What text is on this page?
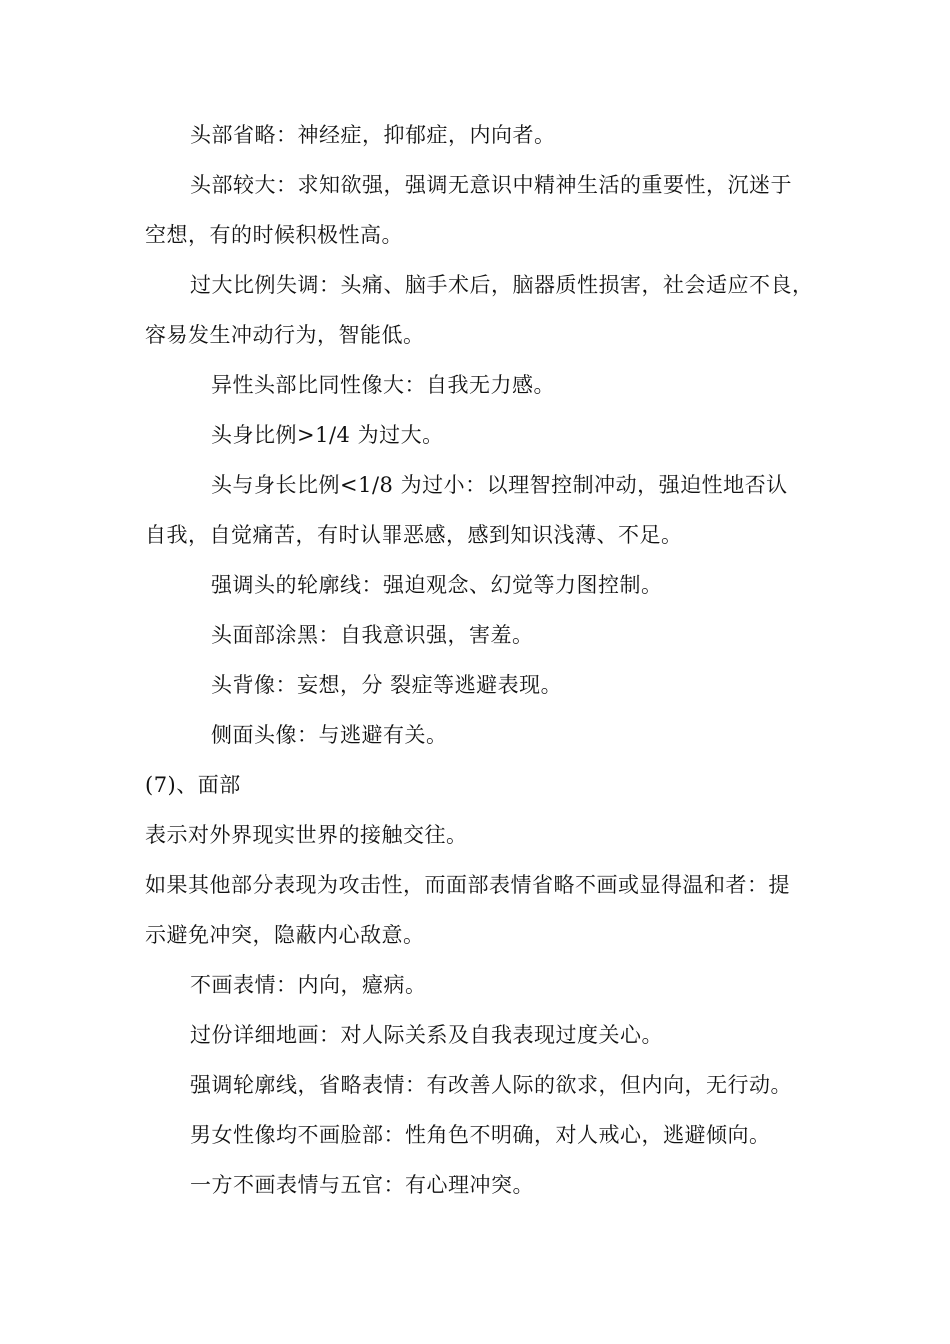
头部省略：神经症，抑郁症，内向者。
头部较大：求知欲强，强调无意识中精神生活的重要性，沉迷于
空想，有的时候积极性高。
过大比例失调：头痛、脑手术后，脑器质性损害，社会适应不良，
容易发生冲动行为，智能低。
异性头部比同性像大：自我无力感。
头身比例>1/4 为过大。
头与身长比例<1/8 为过小：以理智控制冲动，强迫性地否认
自我，自觉痛苦，有时认罪恶感，感到知识浅薄、不足。
强调头的轮廓线：强迫观念、幻觉等力图控制。
头面部涂黑：自我意识强，害羞。
头背像：妄想，分 裂症等逃避表现。
侧面头像：与逃避有关。
(7)、面部
表示对外界现实世界的接触交往。
如果其他部分表现为攻击性，而面部表情省略不画或显得温和者：提
示避免冲突，隐蔽内心敌意。
不画表情：内向，癔病。
过份详细地画：对人际关系及自我表现过度关心。
强调轮廓线，省略表情：有改善人际的欲求，但内向，无行动。
男女性像均不画脸部：性角色不明确，对人戒心，逃避倾向。
一方不画表情与五官：有心理冲突。
